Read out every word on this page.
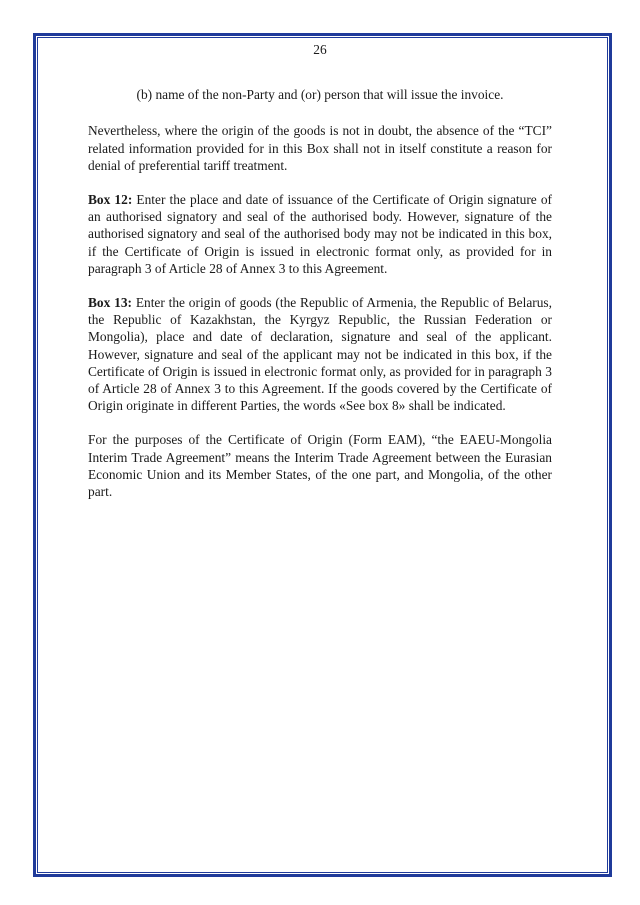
26
(b) name of the non-Party and (or) person that will issue the invoice.

Nevertheless, where the origin of the goods is not in doubt, the absence of the “TCI” related information provided for in this Box shall not in itself constitute a reason for denial of preferential tariff treatment.

Box 12: Enter the place and date of issuance of the Certificate of Origin signature of an authorised signatory and seal of the authorised body. However, signature of the authorised signatory and seal of the authorised body may not be indicated in this box, if the Certificate of Origin is issued in electronic format only, as provided for in paragraph 3 of Article 28 of Annex 3 to this Agreement.

Box 13: Enter the origin of goods (the Republic of Armenia, the Republic of Belarus, the Republic of Kazakhstan, the Kyrgyz Republic, the Russian Federation or Mongolia), place and date of declaration, signature and seal of the applicant. However, signature and seal of the applicant may not be indicated in this box, if the Certificate of Origin is issued in electronic format only, as provided for in paragraph 3 of Article 28 of Annex 3 to this Agreement. If the goods covered by the Certificate of Origin originate in different Parties, the words «See box 8» shall be indicated.

For the purposes of the Certificate of Origin (Form EAM), “the EAEU-Mongolia Interim Trade Agreement” means the Interim Trade Agreement between the Eurasian Economic Union and its Member States, of the one part, and Mongolia, of the other part.
